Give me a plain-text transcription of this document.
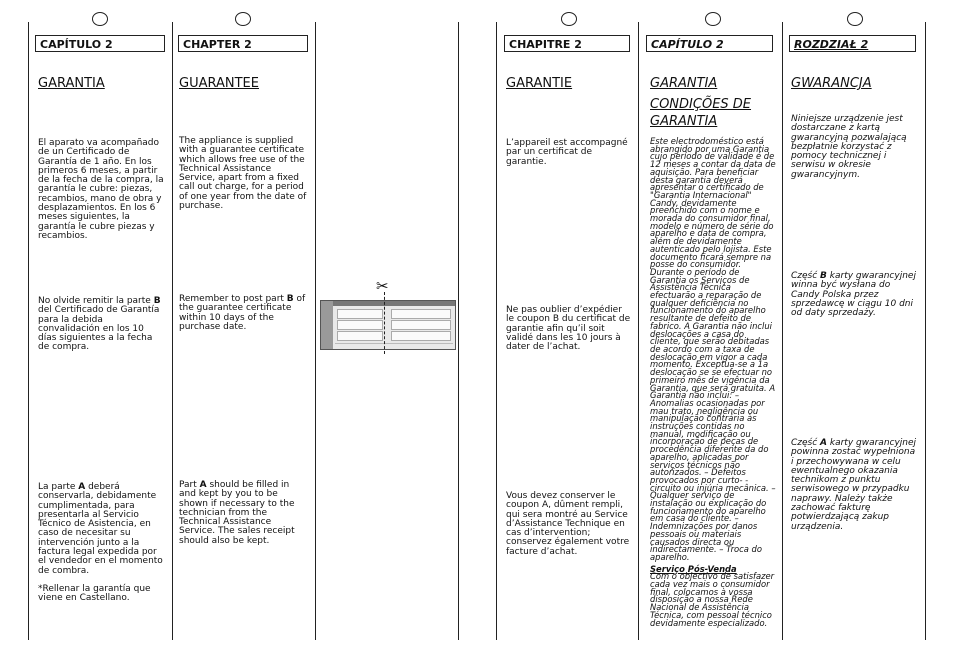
CAPÍTULO 2	CHAPTER 2	CHAPITRE 2	CAPÍTULO 2	ROZDZIAŁ 2
GARANTIA	GUARANTEE	GARANTIE	GARANTIA
CONDIÇÕES DE GARANTIA
GWARANCJA

El aparato va acompañado de un Certificado de Garantía de 1 año. En los primeros 6 meses, a partir de la fecha de la compra, la garantía le cubre: piezas, recambios, mano de obra y desplazamientos. En los 6 meses siguientes, la garantía le cubre piezas y recambios.

No olvide remitir la parte B del Certificado de Garantía para la debida convalidación en los 10 días siguientes a la fecha de compra.

La parte A deberá conservarla, debidamente cumplimentada, para presentarla al Servicio Técnico de Asistencia, en caso de necesitar su intervención junto a la factura legal expedida por el vendedor en el momento de combra.

*Rellenar la garantía que viene en Castellano.

The appliance is supplied with a guarantee certificate which allows free use of the Technical Assistance Service, apart from a fixed call out charge, for a period of one year from the date of purchase.

Remember to post part B of the guarantee certificate within 10 days of the purchase date.

Part A should be filled in and kept by you to be shown if necessary to the technician from the Technical Assistance Service. The sales receipt should also be kept.

✂

L’appareil est accompagné par un certificat de garantie.

Ne pas oublier d’expédier le coupon B du certificat de garantie afin qu’il soit validé dans les 10 jours à dater de l’achat.

Vous devez conserver le coupon A, dûment rempli, qui sera montré au Service d’Assistance Technique en cas d’intervention; conservez également votre facture d’achat.

Este electrodoméstico está abrangido por uma Garantia cujo período de validade é de 12 meses a contar da data de aquisição. Para beneficiar desta garantia deverá apresentar o certificado de "Garantia Internacional" Candy, devidamente preenchido com o nome e morada do consumidor final, modelo e número de série do aparelho e data de compra, além de devidamente autenticado pelo lojista. Este documento ficará sempre na posse do consumidor. Durante o período de Garantia os Serviços de Assistência Técnica efectuarão a reparação de qualquer deficiência no funcionamento do aparelho resultante de defeito de fabrico. A Garantia não inclui deslocações a casa do cliente, que serão debitadas de acordo com a taxa de deslocação em vigor a cada momento. Exceptua-se a 1a deslocação se se efectuar no primeiro mês de vigência da Garantia, que será gratuita. A Garantia não inclui: – Anomalias ocasionadas por mau trato, negligência ou manipulação contrária às instruções contidas no manual, modificação ou incorporação de peças de procedência diferente da do aparelho, aplicadas por serviços técnicos não autorizados. – Defeitos provocados por curto- -circuito ou injúria mecânica. – Qualquer serviço de instalação ou explicação do funcionamento do aparelho em casa do cliente. – Indemnizações por danos pessoais ou materiais causados directa ou indirectamente. – Troca do aparelho.

Serviço Pós-Venda

Com o objectivo de satisfazer cada vez mais o consumidor final, colocamos à vossa disposição a nossa Rede Nacional de Assistência Técnica, com pessoal técnico devidamente especializado.

Niniejsze urządzenie jest dostarczane z kartą gwarancyjną pozwalającą bezpłatnie korzystać z pomocy technicznej i serwisu w okresie gwarancyjnym.

Część B karty gwarancyjnej winna być wysłana do Candy Polska przez sprzedawcę w ciągu 10 dni od daty sprzedaży.

Część A karty gwarancyjnej powinna zostać wypełniona i przechowywana w celu ewentualnego okazania technikom z punktu serwisowego w przypadku naprawy. Należy także zachować fakturę potwierdzającą zakup urządzenia.
